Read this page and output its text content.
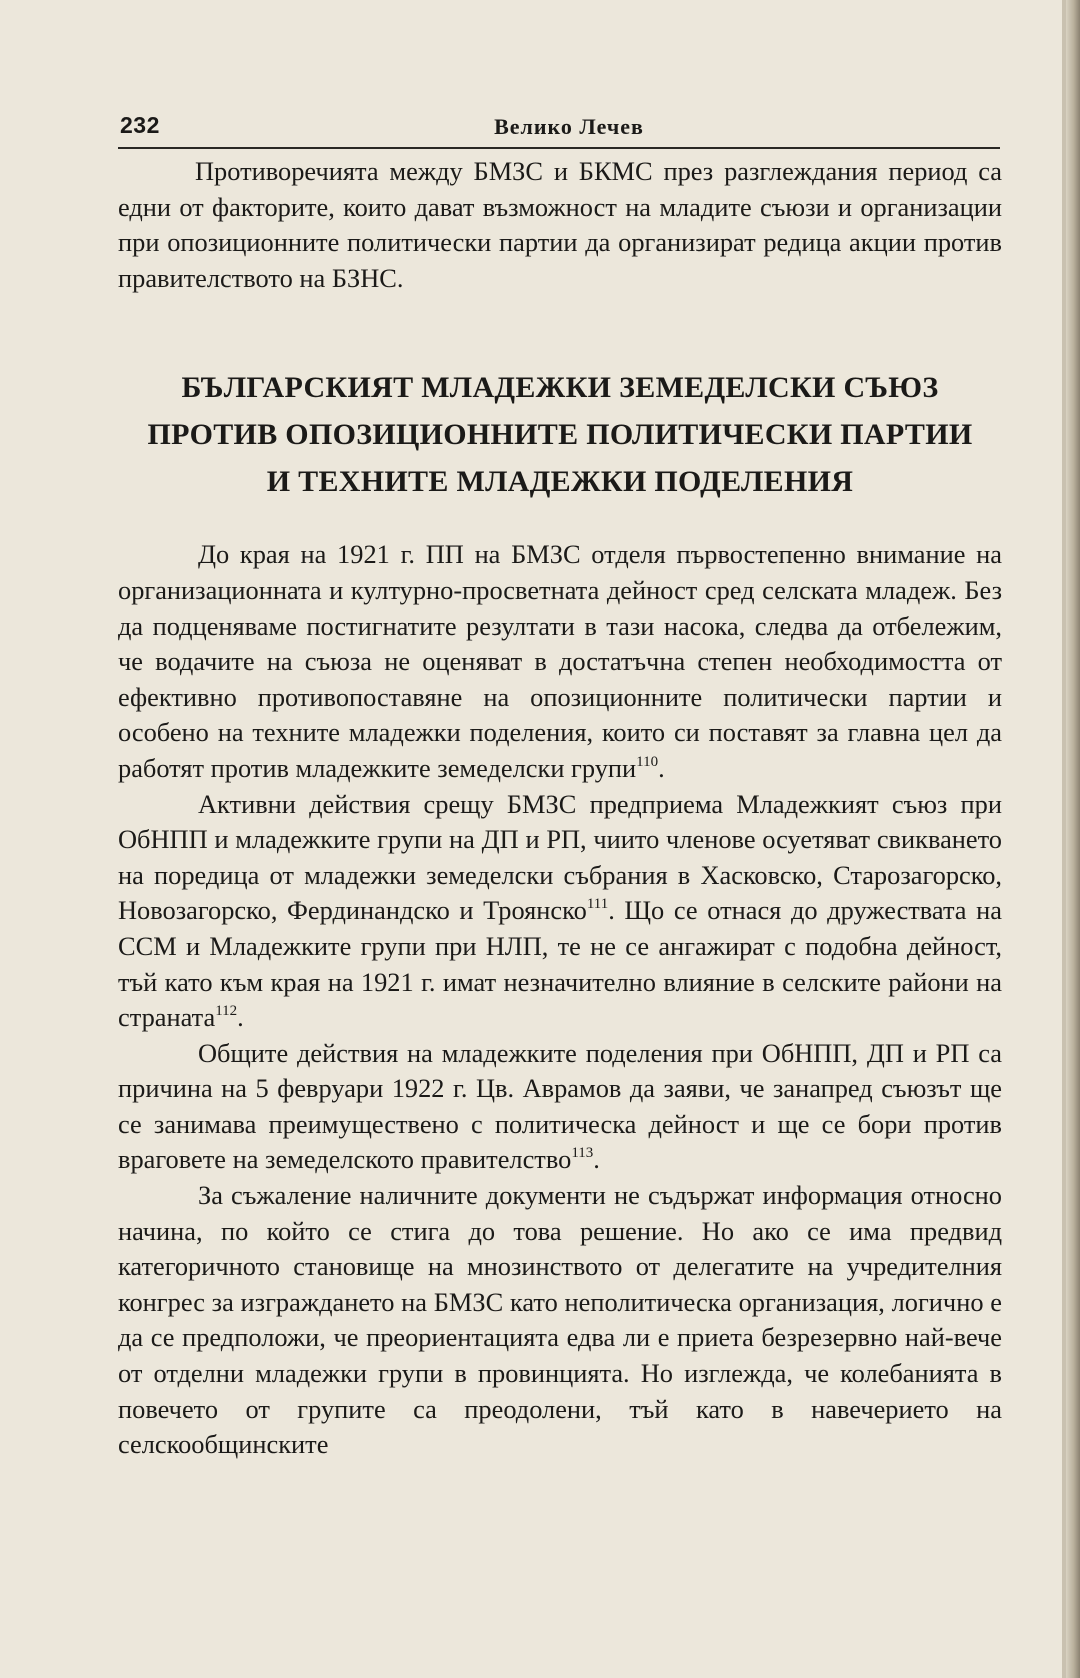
232	Велико Лечев

Противоречията между БМЗС и БКМС през разглеждания период са едни от факторите, които дават възможност на младите съюзи и организации при опозиционните политически партии да организират редица акции против правителството на БЗНС.

БЪЛГАРСКИЯТ МЛАДЕЖКИ ЗЕМЕДЕЛСКИ СЪЮЗ
ПРОТИВ ОПОЗИЦИОННИТЕ ПОЛИТИЧЕСКИ ПАРТИИ
И ТЕХНИТЕ МЛАДЕЖКИ ПОДЕЛЕНИЯ

До края на 1921 г. ПП на БМЗС отделя първостепенно внимание на организационната и културно-просветната дейност сред селската младеж. Без да подценяваме постигнатите резултати в тази насока, следва да отбележим, че водачите на съюза не оценяват в достатъчна степен необходимостта от ефективно противопоставяне на опозиционните политически партии и особено на техните младежки поделения, които си поставят за главна цел да работят против младежките земеделски групи$^{110}$.

Активни действия срещу БМЗС предприема Младежкият съюз при ОбНПП и младежките групи на ДП и РП, чиито членове осуетяват свикването на поредица от младежки земеделски събрания в Хасковско, Старозагорско, Новозагорско, Фердинандско и Троянско$^{111}$. Що се отнася до дружествата на ССМ и Младежките групи при НЛП, те не се ангажират с подобна дейност, тъй като към края на 1921 г. имат незначително влияние в селските райони на страната$^{112}$.

Общите действия на младежките поделения при ОбНПП, ДП и РП са причина на 5 февруари 1922 г. Цв. Аврамов да заяви, че занапред съюзът ще се занимава преимуществено с политическа дейност и ще се бори против враговете на земеделското правителство$^{113}$.

За съжаление наличните документи не съдържат информация относно начина, по който се стига до това решение. Но ако се има предвид категоричното становище на мнозинството от делегатите на учредителния конгрес за изграждането на БМЗС като неполитическа организация, логично е да се предположи, че преориентацията едва ли е приета безрезервно най-вече от отделни младежки групи в провинцията. Но изглежда, че колебанията в повечето от групите са преодолени, тъй като в навечерието на селскообщинските
